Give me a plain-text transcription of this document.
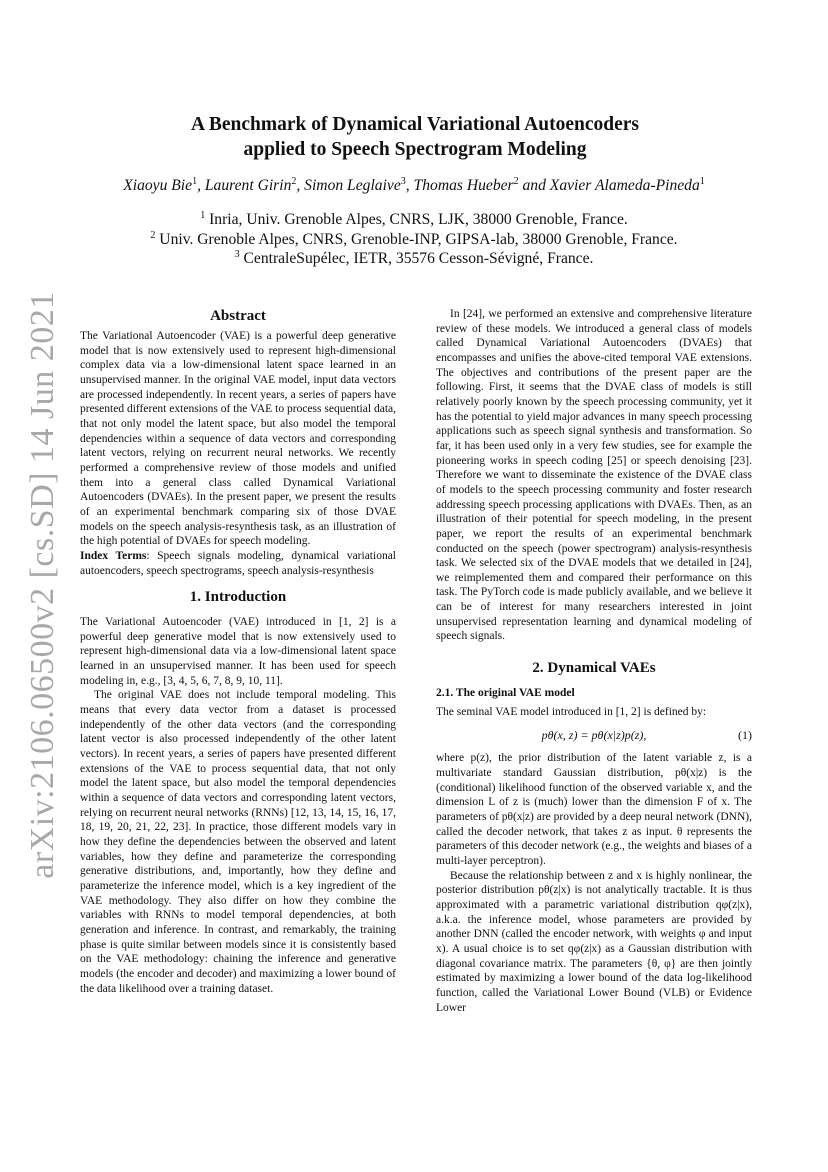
arXiv:2106.06500v2 [cs.SD] 14 Jun 2021
A Benchmark of Dynamical Variational Autoencoders
applied to Speech Spectrogram Modeling
Xiaoyu Bie$^1$, Laurent Girin$^2$, Simon Leglaive$^3$, Thomas Hueber$^2$ and Xavier Alameda-Pineda$^1$
$^1$ Inria, Univ. Grenoble Alpes, CNRS, LJK, 38000 Grenoble, France.
$^2$ Univ. Grenoble Alpes, CNRS, Grenoble-INP, GIPSA-lab, 38000 Grenoble, France.
$^3$ CentraleSupélec, IETR, 35576 Cesson-Sévigné, France.
Abstract

The Variational Autoencoder (VAE) is a powerful deep generative model that is now extensively used to represent high-dimensional complex data via a low-dimensional latent space learned in an unsupervised manner. In the original VAE model, input data vectors are processed independently. In recent years, a series of papers have presented different extensions of the VAE to process sequential data, that not only model the latent space, but also model the temporal dependencies within a sequence of data vectors and corresponding latent vectors, relying on recurrent neural networks. We recently performed a comprehensive review of those models and unified them into a general class called Dynamical Variational Autoencoders (DVAEs). In the present paper, we present the results of an experimental benchmark comparing six of those DVAE models on the speech analysis-resynthesis task, as an illustration of the high potential of DVAEs for speech modeling.

Index Terms: Speech signals modeling, dynamical variational autoencoders, speech spectrograms, speech analysis-resynthesis

1. Introduction

The Variational Autoencoder (VAE) introduced in [1, 2] is a powerful deep generative model that is now extensively used to represent high-dimensional data via a low-dimensional latent space learned in an unsupervised manner. It has been used for speech modeling in, e.g., [3, 4, 5, 6, 7, 8, 9, 10, 11].

The original VAE does not include temporal modeling. This means that every data vector from a dataset is processed independently of the other data vectors (and the corresponding latent vector is also processed independently of the other latent vectors). In recent years, a series of papers have presented different extensions of the VAE to process sequential data, that not only model the latent space, but also model the temporal dependencies within a sequence of data vectors and corresponding latent vectors, relying on recurrent neural networks (RNNs) [12, 13, 14, 15, 16, 17, 18, 19, 20, 21, 22, 23]. In practice, those different models vary in how they define the dependencies between the observed and latent variables, how they define and parameterize the corresponding generative distributions, and, importantly, how they define and parameterize the inference model, which is a key ingredient of the VAE methodology. They also differ on how they combine the variables with RNNs to model temporal dependencies, at both generation and inference. In contrast, and remarkably, the training phase is quite similar between models since it is consistently based on the VAE methodology: chaining the inference and generative models (the encoder and decoder) and maximizing a lower bound of the data likelihood over a training dataset.

In [24], we performed an extensive and comprehensive literature review of these models. We introduced a general class of models called Dynamical Variational Autoencoders (DVAEs) that encompasses and unifies the above-cited temporal VAE extensions. The objectives and contributions of the present paper are the following. First, it seems that the DVAE class of models is still relatively poorly known by the speech processing community, yet it has the potential to yield major advances in many speech processing applications such as speech signal synthesis and transformation. So far, it has been used only in a very few studies, see for example the pioneering works in speech coding [25] or speech denoising [23]. Therefore we want to disseminate the existence of the DVAE class of models to the speech processing community and foster research addressing speech processing applications with DVAEs. Then, as an illustration of their potential for speech modeling, in the present paper, we report the results of an experimental benchmark conducted on the speech (power spectrogram) analysis-resynthesis task. We selected six of the DVAE models that we detailed in [24], we reimplemented them and compared their performance on this task. The PyTorch code is made publicly available, and we believe it can be of interest for many researchers interested in joint unsupervised representation learning and dynamical modeling of speech signals.

2. Dynamical VAEs
2.1. The original VAE model

The seminal VAE model introduced in [1, 2] is defined by:

pθ(x, z) = pθ(x|z)p(z),	(1)

where p(z), the prior distribution of the latent variable z, is a multivariate standard Gaussian distribution, pθ(x|z) is the (conditional) likelihood function of the observed variable x, and the dimension L of z is (much) lower than the dimension F of x. The parameters of pθ(x|z) are provided by a deep neural network (DNN), called the decoder network, that takes z as input. θ represents the parameters of this decoder network (e.g., the weights and biases of a multi-layer perceptron).

Because the relationship between z and x is highly nonlinear, the posterior distribution pθ(z|x) is not analytically tractable. It is thus approximated with a parametric variational distribution qφ(z|x), a.k.a. the inference model, whose parameters are provided by another DNN (called the encoder network, with weights φ and input x). A usual choice is to set qφ(z|x) as a Gaussian distribution with diagonal covariance matrix. The parameters {θ, φ} are then jointly estimated by maximizing a lower bound of the data log-likelihood function, called the Variational Lower Bound (VLB) or Evidence Lower
